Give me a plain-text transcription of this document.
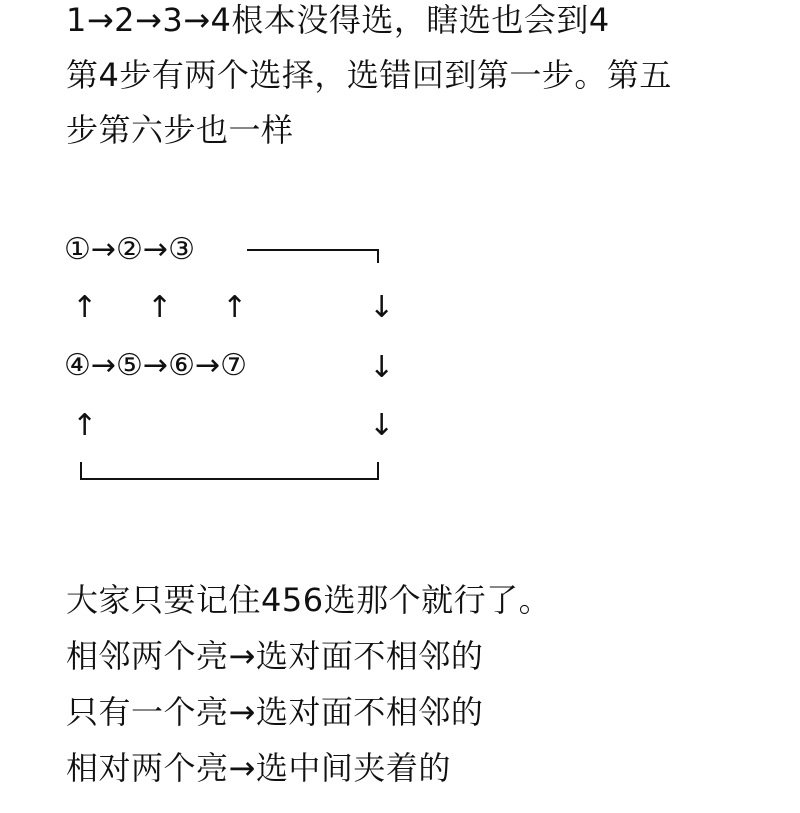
1→2→3→4根本没得选，瞎选也会到4
第4步有两个选择，选错回到第一步。第五
步第六步也一样
①→②→③
↑ ↑ ↑	↓
④→⑤→⑥→⑦	↓
↑	↓
大家只要记住456选那个就行了。
相邻两个亮→选对面不相邻的
只有一个亮→选对面不相邻的
相对两个亮→选中间夹着的
